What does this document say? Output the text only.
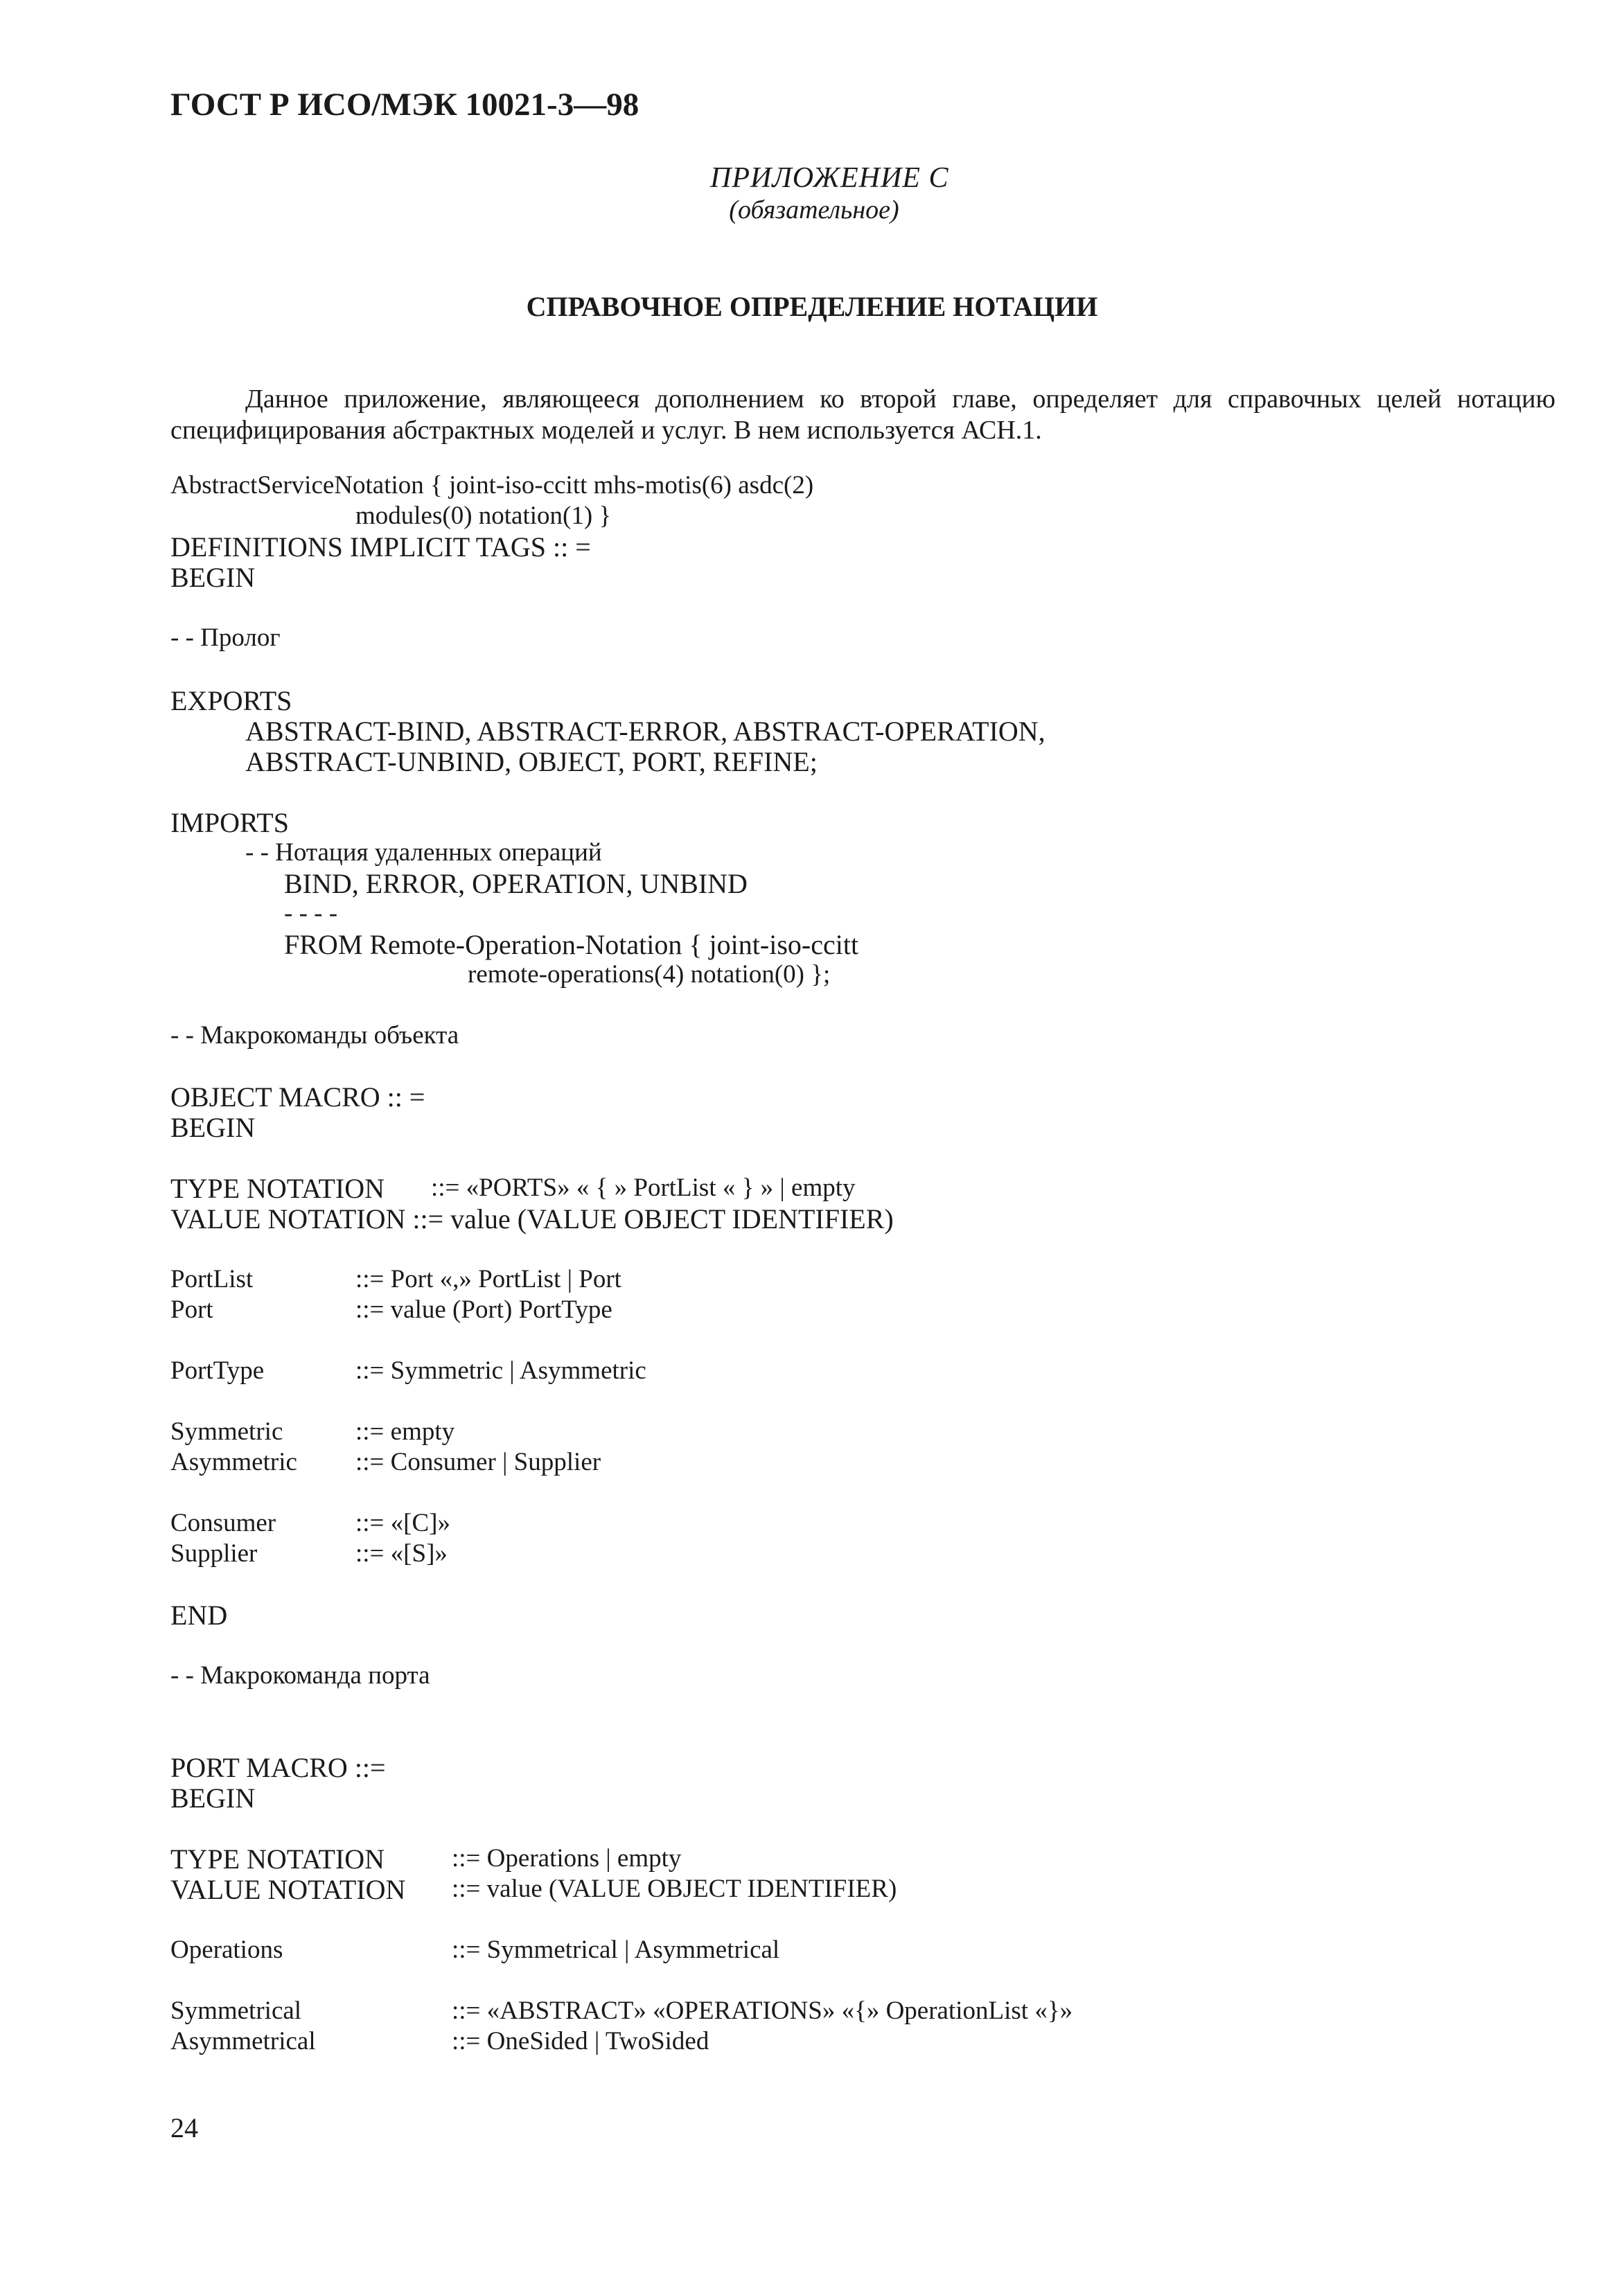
ГОСТ Р ИСО/МЭК 10021-3—98
ПРИЛОЖЕНИЕ С
(обязательное)
СПРАВОЧНОЕ ОПРЕДЕЛЕНИЕ НОТАЦИИ
Данное приложение, являющееся дополнением ко второй главе, определяет для справочных целей нотацию специфицирования абстрактных моделей и услуг. В нем используется АСН.1.
AbstractServiceNotation { joint-iso-ccitt mhs-motis(6) asdc(2)
modules(0) notation(1) }
DEFINITIONS IMPLICIT TAGS :: =
BEGIN
- - Пролог
EXPORTS
ABSTRACT-BIND, ABSTRACT-ERROR, ABSTRACT-OPERATION,
ABSTRACT-UNBIND, OBJECT, PORT, REFINE;
IMPORTS
- - Нотация удаленных операций
BIND, ERROR, OPERATION, UNBIND
- - - -
FROM Remote-Operation-Notation { joint-iso-ccitt
remote-operations(4) notation(0) };
- - Макрокоманды объекта
OBJECT MACRO :: =
BEGIN
TYPE NOTATION ::= «PORTS» « { » PortList « } » | empty
VALUE NOTATION ::= value (VALUE OBJECT IDENTIFIER)
PortList	::= Port «,» PortList | Port
Port	::= value (Port) PortType
PortType	::= Symmetric | Asymmetric
Symmetric	::= empty
Asymmetric ::= Consumer | Supplier
Consumer	::= «[C]»
Supplier	::= «[S]»
END
- - Макрокоманда порта
PORT MACRO ::=
BEGIN
TYPE NOTATION	::= Operations | empty
VALUE NOTATION ::= value (VALUE OBJECT IDENTIFIER)
Operations	::= Symmetrical | Asymmetrical
Symmetrical	::= «ABSTRACT» «OPERATIONS» «{» OperationList «}»
Asymmetrical	::= OneSided | TwoSided
24
